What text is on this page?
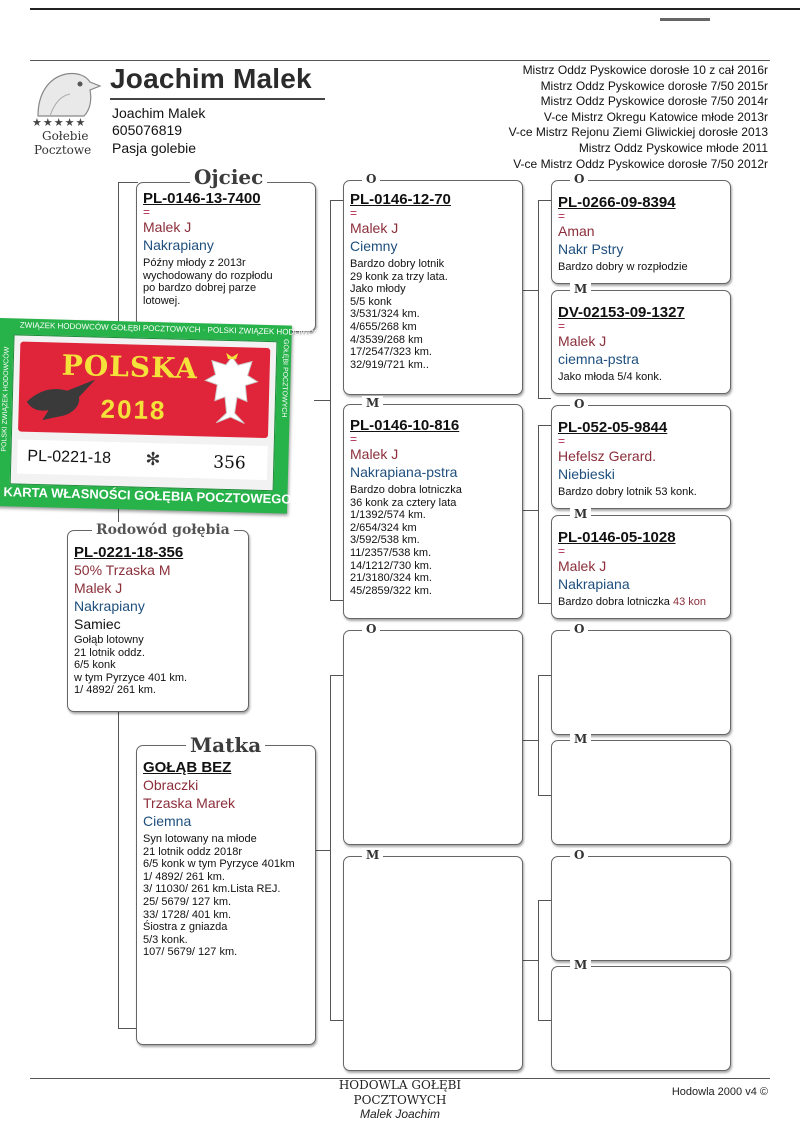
★★★★★
Gołebie
Pocztowe
Joachim Malek
Joachim Malek
605076819
Pasja golebie
Mistrz Oddz Pyskowice dorosłe 10 z cał 2016r
Mistrz Oddz Pyskowice dorosłe 7/50 2015r
Mistrz Oddz Pyskowice dorosłe 7/50 2014r
V-ce Mistrz Okregu Katowice młode 2013r
V-ce Mistrz Rejonu Ziemi Gliwickiej dorosłe 2013
Mistrz Oddz Pyskowice młode 2011
V-ce Mistrz Oddz Pyskowice dorosłe 7/50 2012r
PL-0146-13-7400
=
Malek J
Nakrapiany
Późny młody z 2013r
wychodowany do rozpłodu
po bardzo dobrej parze
lotowej.
Ojciec
PL-0146-12-70
=
Malek J
Ciemny
Bardzo dobry lotnik
29 konk za trzy lata.
Jako młody
5/5 konk
3/531/324 km.
4/655/268 km
4/3539/268 km
17/2547/323 km.
32/919/721 km..
O
PL-0146-10-816
=
Malek J
Nakrapiana-pstra
Bardzo dobra lotniczka
36 konk za cztery lata
1/1392/574 km.
2/654/324 km
3/592/538 km.
11/2357/538 km.
14/1212/730 km.
21/3180/324 km.
45/2859/322 km.
M
PL-0266-09-8394
=
Aman
Nakr Pstry
Bardzo dobry w rozpłodzie
O
DV-02153-09-1327
=
Malek J
ciemna-pstra
Jako młoda 5/4 konk.
M
PL-052-05-9844
=
Hefelsz Gerard.
Niebieski
Bardzo dobry lotnik 53 konk.
O
PL-0146-05-1028
=
Malek J
Nakrapiana
Bardzo dobra lotniczka 43 kon
M
PL-0221-18-356
50% Trzaska M
Malek J
Nakrapiany
Samiec
Gołąb lotowny
21 lotnik oddz.
6/5 konk
w tym Pyrzyce 401 km.
1/ 4892/ 261 km.
Rodowód gołębia
GOŁĄB BEZ
Obraczki
Trzaska Marek
Ciemna
Syn lotowany na młode
21 lotnik oddz 2018r
6/5 konk w tym Pyrzyce 401km
1/ 4892/ 261 km.
3/ 11030/ 261 km.Lista REJ.
25/ 5679/ 127 km.
33/ 1728/ 401 km.
Śiostra z gniazda
5/3 konk.
107/ 5679/ 127 km.
Matka
O
M
O
M
O
M
ZWIĄZEK HODOWCÓW GOŁĘBI POCZTOWYCH · POLSKI ZWIĄZEK HODOWCÓW
POLSKI ZWIĄZEK HODOWCÓW	GOŁĘBI POCZTOWYCH
POLSKA
2018
PL-0221-18 ✻	356
KARTA WŁASNOŚCI GOŁĘBIA POCZTOWEGO
HODOWLA GOŁĘBI
POCZTOWYCH
Malek Joachim
Hodowla 2000 v4 ©
